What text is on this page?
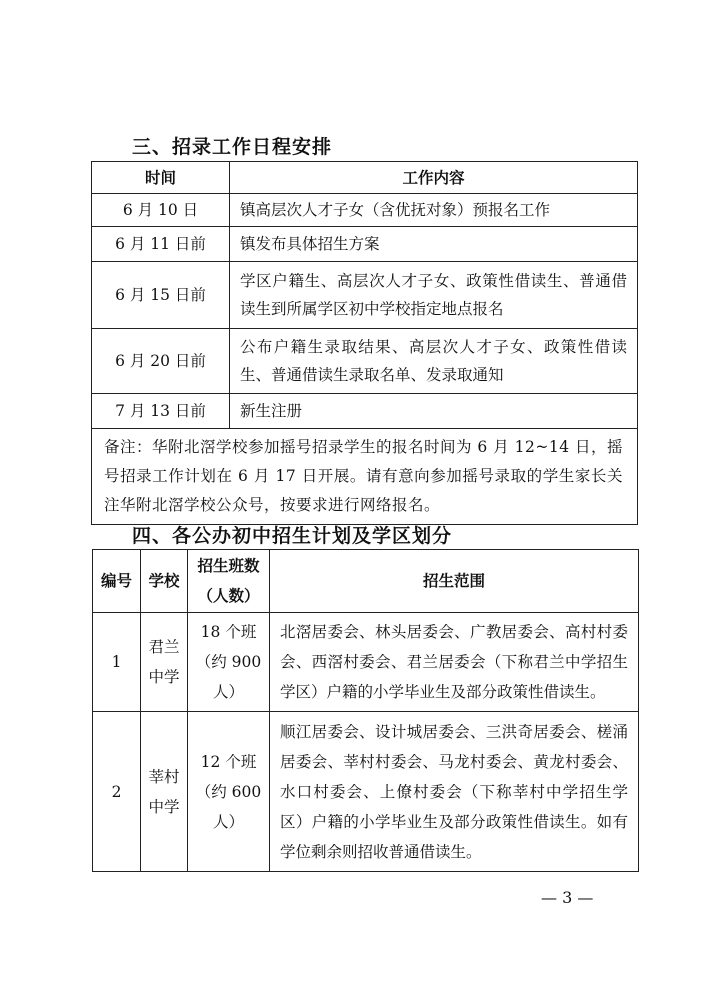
三、招录工作日程安排
时间	工作内容
6 月 10 日	镇高层次人才子女（含优抚对象）预报名工作
6 月 11 日前	镇发布具体招生方案
6 月 15 日前	学区户籍生、高层次人才子女、政策性借读生、普通借读生到所属学区初中学校指定地点报名
6 月 20 日前	公布户籍生录取结果、高层次人才子女、政策性借读生、普通借读生录取名单、发录取通知
7 月 13 日前	新生注册
备注：华附北滘学校参加摇号招录学生的报名时间为 6 月 12~14 日，摇号招录工作计划在 6 月 17 日开展。请有意向参加摇号录取的学生家长关注华附北滘学校公众号，按要求进行网络报名。	
四、各公办初中招生计划及学区划分
编号	学校	招生班数（人数）	招生范围
1	君兰中学	18 个班（约 900 人）	北滘居委会、林头居委会、广教居委会、高村村委会、西滘村委会、君兰居委会（下称君兰中学招生学区）户籍的小学毕业生及部分政策性借读生。
2	莘村中学	12 个班（约 600 人）	顺江居委会、设计城居委会、三洪奇居委会、槎涌居委会、莘村村委会、马龙村委会、黄龙村委会、水口村委会、上僚村委会（下称莘村中学招生学区）户籍的小学毕业生及部分政策性借读生。如有学位剩余则招收普通借读生。
— 3 —
